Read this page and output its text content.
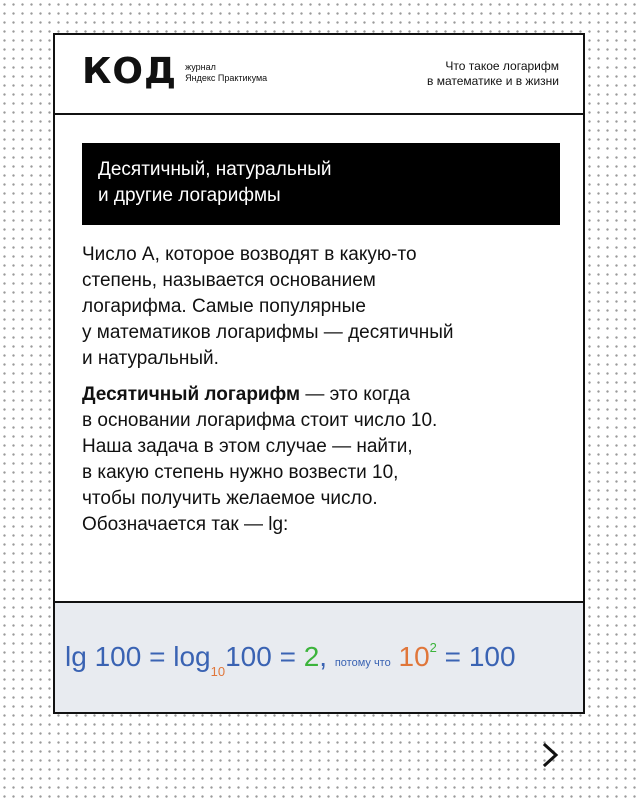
КОД журнал
Яндекс Практикума
Что такое логарифм
в математике и в жизни
Десятичный, натуральный
и другие логарифмы

Число А, которое возводят в какую-то
степень, называется основанием
логарифма. Самые популярные
у математиков логарифмы — десятичный
и натуральный.

Десятичный логарифм — это когда
в основании логарифма стоит число 10.
Наша задача в этом случае — найти,
в какую степень нужно возвести 10,
чтобы получить желаемое число.
Обозначается так — lg:

$\lg 100 = \log_{10}100 = 2$, потому что $10^2 = 100$
